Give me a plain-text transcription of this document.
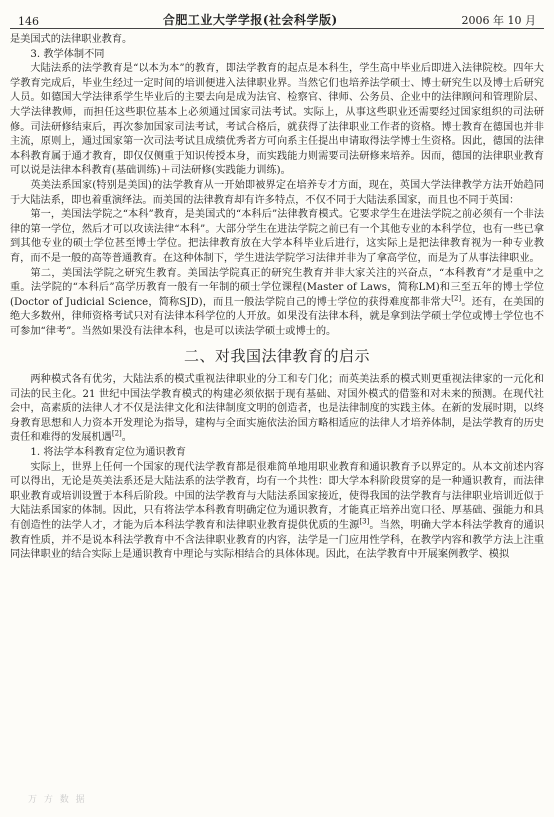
146	合肥工业大学学报(社会科学版)	2006 年 10 月

是美国式的法律职业教育。

3. 教学体制不同

大陆法系的法学教育是“以本为本”的教育，即法学教育的起点是本科生，学生高中毕业后即进入法律院校。四年大学教育完成后，毕业生经过一定时间的培训便进入法律职业界。当然它们也培养法学硕士、博士研究生以及博士后研究人员。如德国大学法律系学生毕业后的主要去向是成为法官、检察官、律师、公务员、企业中的法律顾问和管理阶层、大学法律教师，而担任这些职位基本上必须通过国家司法考试。实际上，从事这些职业还需要经过国家组织的司法研修。司法研修结束后，再次参加国家司法考试，考试合格后，就获得了法律职业工作者的资格。博士教育在德国也并非主流，原则上，通过国家第一次司法考试且成绩优秀者方可向系主任提出申请取得法学博士生资格。因此，德国的法律本科教育属于通才教育，即仅仅侧重于知识传授本身，而实践能力则需要司法研修来培养。因而，德国的法律职业教育可以说是法律本科教育(基础训练)＋司法研修(实践能力训练)。

英美法系国家(特别是美国)的法学教育从一开始即被界定在培养专才方面，现在，英国大学法律教学方法开始趋同于大陆法系，即也着重演绎法。而美国的法律教育却有许多特点，不仅不同于大陆法系国家，而且也不同于英国：

第一，美国法学院之“本科”教育，是美国式的“本科后”法律教育模式。它要求学生在进法学院之前必须有一个非法律的第一学位，然后才可以攻读法律“本科”。大部分学生在进法学院之前已有一个其他专业的本科学位，也有一些已拿到其他专业的硕士学位甚至博士学位。把法律教育放在大学本科毕业后进行，这实际上是把法律教育视为一种专业教育，而不是一般的高等普通教育。在这种体制下，学生进法学院学习法律并非为了拿高学位，而是为了从事法律职业。

第二，美国法学院之研究生教育。美国法学院真正的研究生教育并非大家关注的兴奋点，“本科教育”才是重中之重。法学院的“本科后”高学历教育一般有一年制的硕士学位课程(Master of Laws，简称LM)和三至五年的博士学位(Doctor of Judicial Science，简称SJD)，而且一般法学院自己的博士学位的获得难度都非常大[2]。还有，在美国的绝大多数州，律师资格考试只对有法律本科学位的人开放。如果没有法律本科，就是拿到法学硕士学位或博士学位也不可参加“律考”。当然如果没有法律本科，也是可以读法学硕士或博士的。

二、对我国法律教育的启示

两种模式各有优劣，大陆法系的模式重视法律职业的分工和专门化；而英美法系的模式则更重视法律家的一元化和司法的民主化。21 世纪中国法学教育模式的构建必须依据于现有基础、对国外模式的借鉴和对未来的预测。在现代社会中，高素质的法律人才不仅是法律文化和法律制度文明的创造者，也是法律制度的实践主体。在新的发展时期，以终身教育思想和人力资本开发理论为指导，建构与全面实施依法治国方略相适应的法律人才培养体制，是法学教育的历史责任和难得的发展机遇[2]。

1. 将法学本科教育定位为通识教育

实际上，世界上任何一个国家的现代法学教育都是很难简单地用职业教育和通识教育予以界定的。从本文前述内容可以得出，无论是英美法系还是大陆法系的法学教育，均有一个共性：即大学本科阶段贯穿的是一种通识教育，而法律职业教育或培训设置于本科后阶段。中国的法学教育与大陆法系国家接近，使得我国的法学教育与法律职业培训近似于大陆法系国家的体制。因此，只有将法学本科教育明确定位为通识教育，才能真正培养出宽口径、厚基础、强能力和具有创造性的法学人才，才能为后本科法学教育和法律职业教育提供优质的生源[3]。当然，明确大学本科法学教育的通识教育性质，并不是说本科法学教育中不含法律职业教育的内容，法学是一门应用性学科，在教学内容和教学方法上注重同法律职业的结合实际上是通识教育中理论与实际相结合的具体体现。因此，在法学教育中开展案例教学、模拟

万 方 数 据
